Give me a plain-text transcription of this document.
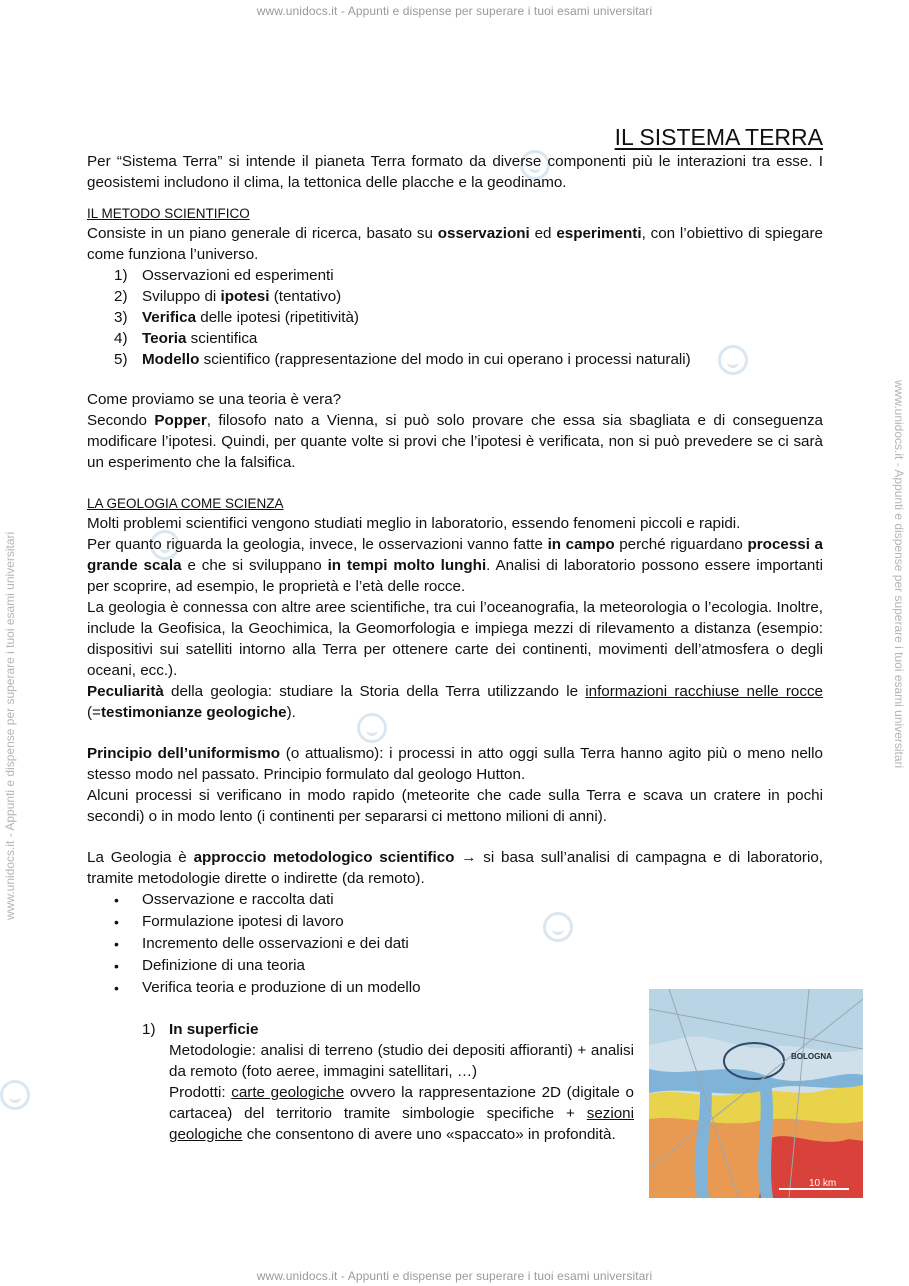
www.unidocs.it - Appunti e dispense per superare i tuoi esami universitari
www.unidocs.it - Appunti e dispense per superare i tuoi esami universitari
www.unidocs.it - Appunti e dispense per superare i tuoi esami universitari	www.unidocs.it - Appunti e dispense per superare i tuoi esami universitari
IL SISTEMA TERRA

Per “Sistema Terra” si intende il pianeta Terra formato da diverse componenti più le interazioni tra esse. I geosistemi includono il clima, la tettonica delle placche e la geodinamo.

IL METODO SCIENTIFICO

Consiste in un piano generale di ricerca, basato su osservazioni ed esperimenti, con l’obiettivo di spiegare come funziona l’universo.

1) Osservazioni ed esperimenti
2) Sviluppo di ipotesi (tentativo)
3) Verifica delle ipotesi (ripetitività)
4) Teoria scientifica
5) Modello scientifico (rappresentazione del modo in cui operano i processi naturali)

Come proviamo se una teoria è vera?

Secondo Popper, filosofo nato a Vienna, si può solo provare che essa sia sbagliata e di conseguenza modificare l’ipotesi. Quindi, per quante volte si provi che l’ipotesi è verificata, non si può prevedere se ci sarà un esperimento che la falsifica.

LA GEOLOGIA COME SCIENZA

Molti problemi scientifici vengono studiati meglio in laboratorio, essendo fenomeni piccoli e rapidi.

Per quanto riguarda la geologia, invece, le osservazioni vanno fatte in campo perché riguardano processi a grande scala e che si sviluppano in tempi molto lunghi. Analisi di laboratorio possono essere importanti per scoprire, ad esempio, le proprietà e l’età delle rocce.

La geologia è connessa con altre aree scientifiche, tra cui l’oceanografia, la meteorologia o l’ecologia. Inoltre, include la Geofisica, la Geochimica, la Geomorfologia e impiega mezzi di rilevamento a distanza (esempio: dispositivi sui satelliti intorno alla Terra per ottenere carte dei continenti, movimenti dell’atmosfera o degli oceani, ecc.).

Peculiarità della geologia: studiare la Storia della Terra utilizzando le informazioni racchiuse nelle rocce (=testimonianze geologiche).

Principio dell’uniformismo (o attualismo): i processi in atto oggi sulla Terra hanno agito più o meno nello stesso modo nel passato. Principio formulato dal geologo Hutton.

Alcuni processi si verificano in modo rapido (meteorite che cade sulla Terra e scava un cratere in pochi secondi) o in modo lento (i continenti per separarsi ci mettono milioni di anni).

La Geologia è approccio metodologico scientifico → si basa sull’analisi di campagna e di laboratorio, tramite metodologie dirette o indirette (da remoto).

• Osservazione e raccolta dati
• Formulazione ipotesi di lavoro
• Incremento delle osservazioni e dei dati
• Definizione di una teoria
• Verifica teoria e produzione di un modello
1) In superficie

Metodologie: analisi di terreno (studio dei depositi affioranti) + analisi da remoto (foto aeree, immagini satellitari, …)

Prodotti: carte geologiche ovvero la rappresentazione 2D (digitale o cartacea) del territorio tramite simbologie specifiche + sezioni geologiche che consentono di avere uno «spaccato» in profondità.

BOLOGNA
10 km
